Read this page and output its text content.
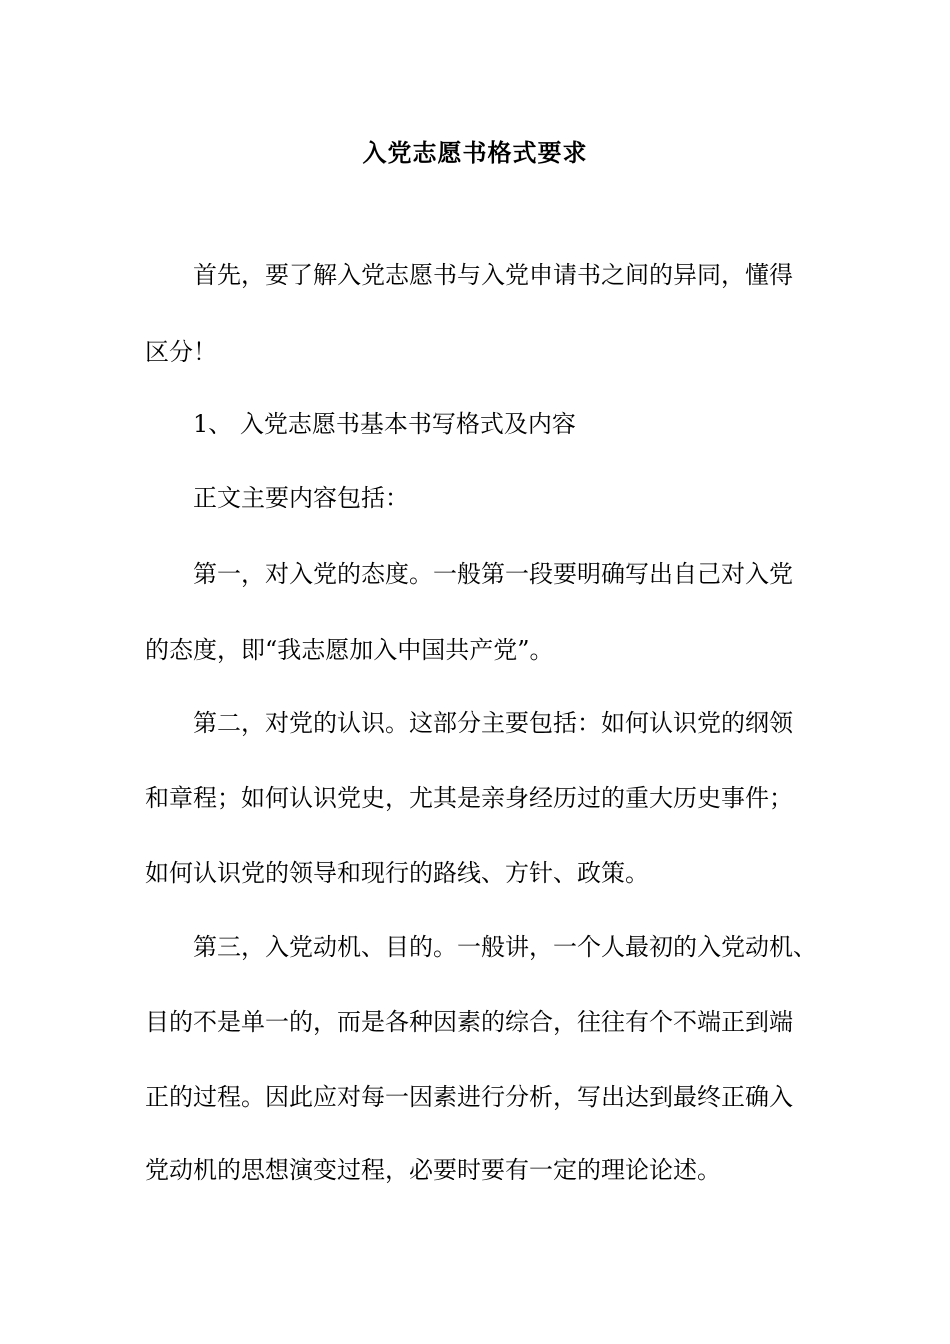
入党志愿书格式要求
首先，要了解入党志愿书与入党申请书之间的异同，懂得
区分！
1、 入党志愿书基本书写格式及内容
正文主要内容包括：
第一，对入党的态度。一般第一段要明确写出自己对入党
的态度，即“我志愿加入中国共产党”。
第二，对党的认识。这部分主要包括：如何认识党的纲领
和章程；如何认识党史，尤其是亲身经历过的重大历史事件；
如何认识党的领导和现行的路线、方针、政策。
第三，入党动机、目的。一般讲，一个人最初的入党动机、
目的不是单一的，而是各种因素的综合，往往有个不端正到端
正的过程。因此应对每一因素进行分析，写出达到最终正确入
党动机的思想演变过程，必要时要有一定的理论论述。
